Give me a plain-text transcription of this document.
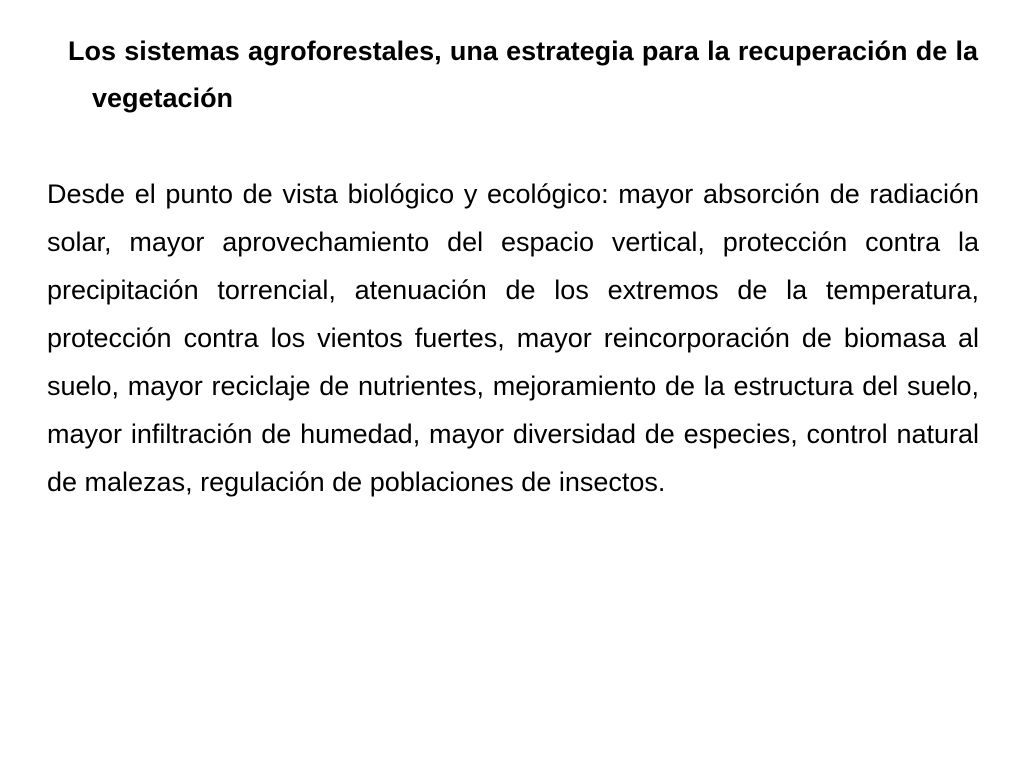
Los sistemas agroforestales, una estrategia para la recuperación de la vegetación

Desde el punto de vista biológico y ecológico: mayor absorción de radiación solar, mayor aprovechamiento del espacio vertical, protección contra la precipitación torrencial, atenuación de los extremos de la temperatura, protección contra los vientos fuertes, mayor reincorporación de biomasa al suelo, mayor reciclaje de nutrientes, mejoramiento de la estructura del suelo, mayor infiltración de humedad, mayor diversidad de especies, control natural de malezas, regulación de poblaciones de insectos.
